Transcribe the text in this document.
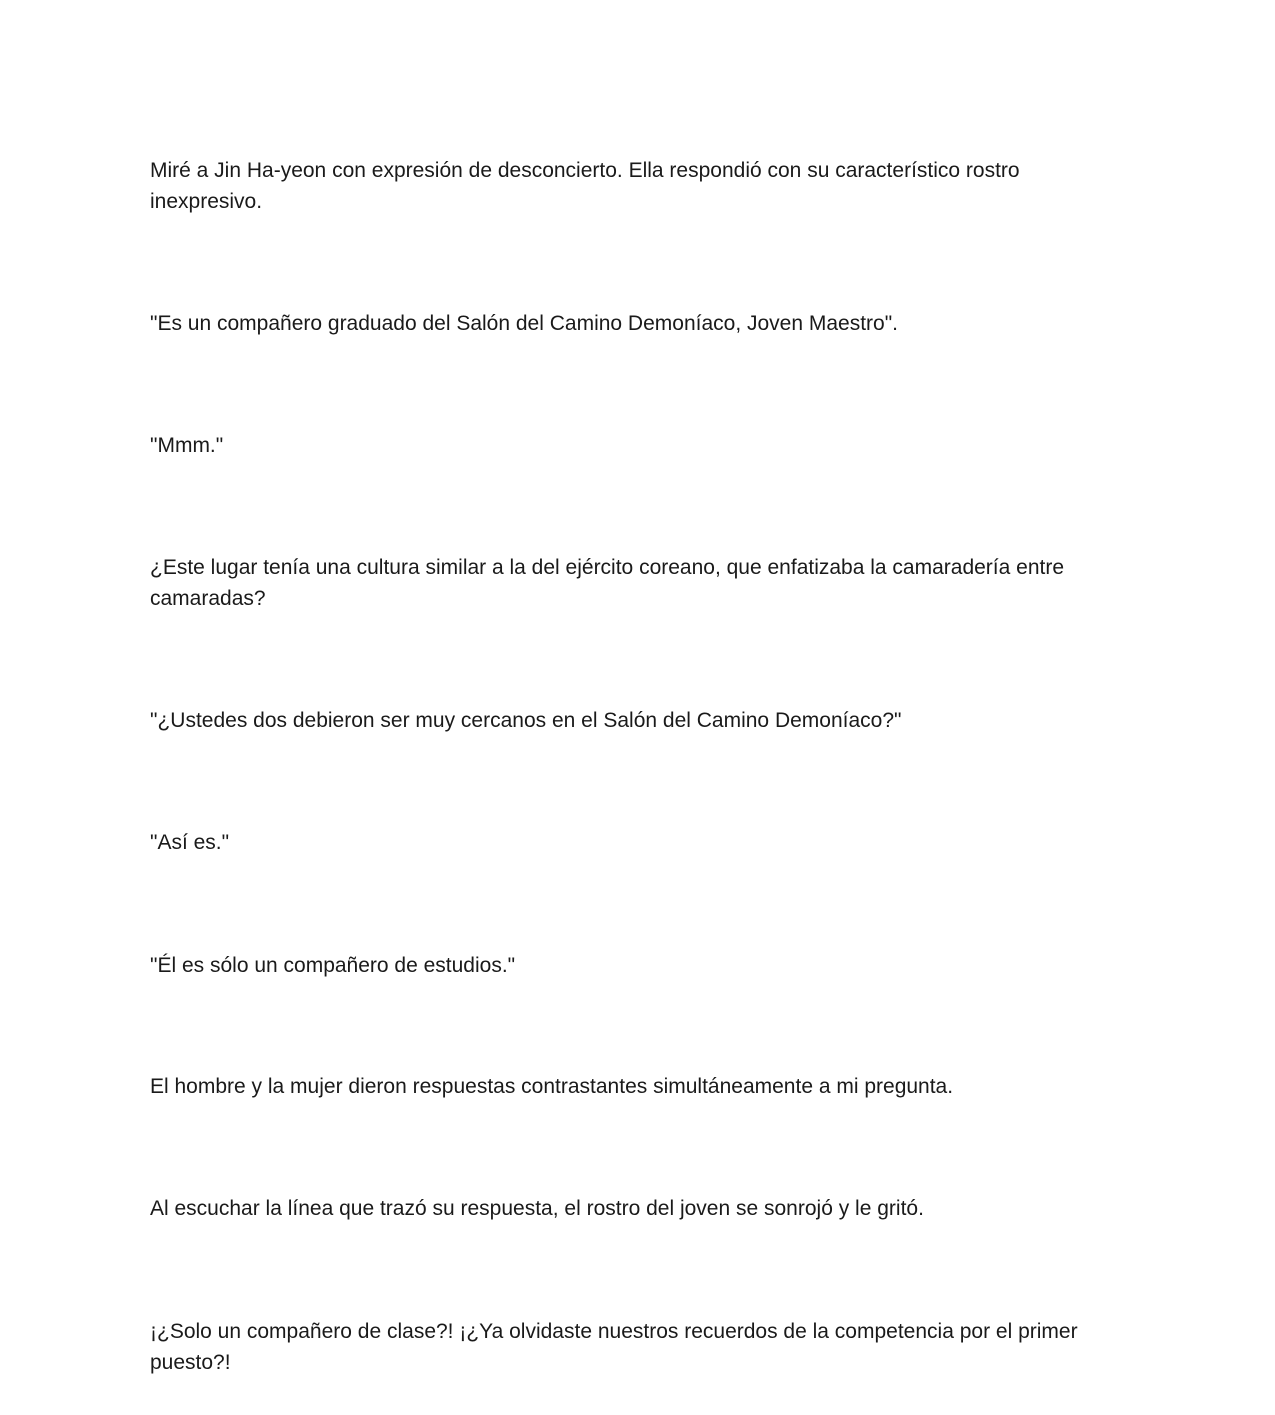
Miré a Jin Ha-yeon con expresión de desconcierto. Ella respondió con su característico rostro inexpresivo.

"Es un compañero graduado del Salón del Camino Demoníaco, Joven Maestro".

"Mmm."

¿Este lugar tenía una cultura similar a la del ejército coreano, que enfatizaba la camaradería entre camaradas?

"¿Ustedes dos debieron ser muy cercanos en el Salón del Camino Demoníaco?"

"Así es."

"Él es sólo un compañero de estudios."

El hombre y la mujer dieron respuestas contrastantes simultáneamente a mi pregunta.

Al escuchar la línea que trazó su respuesta, el rostro del joven se sonrojó y le gritó.

¡¿Solo un compañero de clase?! ¡¿Ya olvidaste nuestros recuerdos de la competencia por el primer puesto?!
